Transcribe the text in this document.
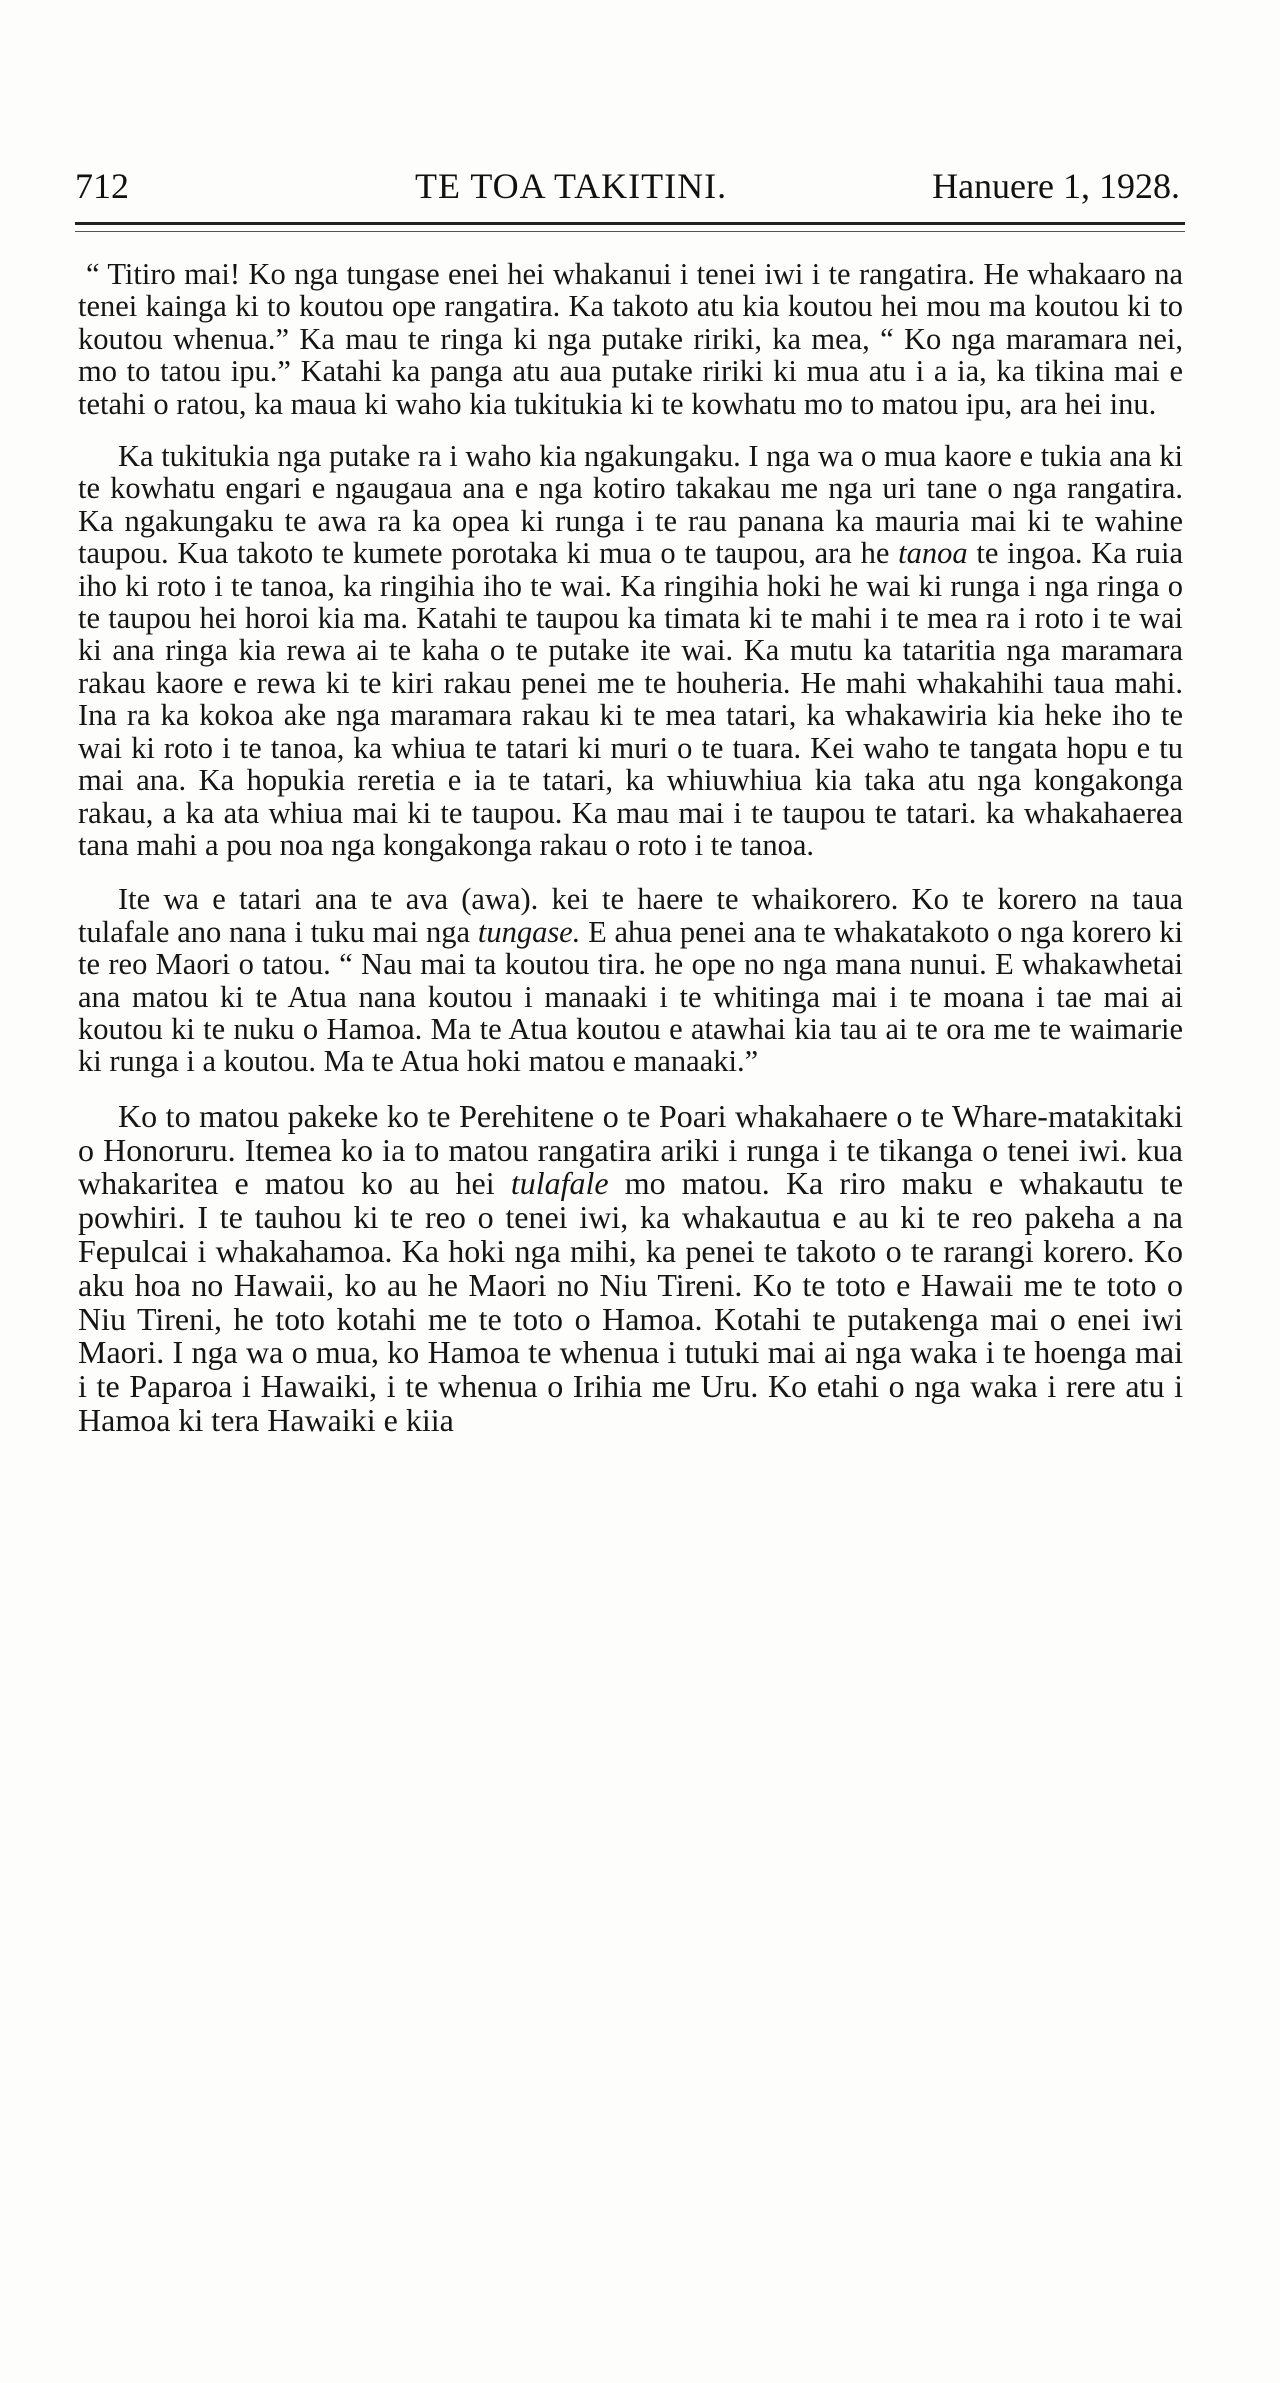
712	TE TOA TAKITINI.	Hanuere 1, 1928.

“ Titiro mai! Ko nga tungase enei hei whakanui i tenei iwi i te rangatira. He whakaaro na tenei kainga ki to koutou ope rangatira. Ka takoto atu kia koutou hei mou ma koutou ki to koutou whenua.” Ka mau te ringa ki nga putake ririki, ka mea, “ Ko nga maramara nei, mo to tatou ipu.” Katahi ka panga atu aua putake ririki ki mua atu i a ia, ka tikina mai e tetahi o ratou, ka maua ki waho kia tukitukia ki te kowhatu mo to matou ipu, ara hei inu.

Ka tukitukia nga putake ra i waho kia ngakungaku. I nga wa o mua kaore e tukia ana ki te kowhatu engari e ngaugaua ana e nga kotiro takakau me nga uri tane o nga rangatira. Ka ngakungaku te awa ra ka opea ki runga i te rau panana ka mauria mai ki te wahine taupou. Kua takoto te kumete porotaka ki mua o te taupou, ara he tanoa te ingoa. Ka ruia iho ki roto i te tanoa, ka ringihia iho te wai. Ka ringihia hoki he wai ki runga i nga ringa o te taupou hei horoi kia ma. Katahi te taupou ka timata ki te mahi i te mea ra i roto i te wai ki ana ringa kia rewa ai te kaha o te putake ite wai. Ka mutu ka tataritia nga maramara rakau kaore e rewa ki te kiri rakau penei me te houheria. He mahi whakahihi taua mahi. Ina ra ka kokoa ake nga maramara rakau ki te mea tatari, ka whakawiria kia heke iho te wai ki roto i te tanoa, ka whiua te tatari ki muri o te tuara. Kei waho te tangata hopu e tu mai ana. Ka hopukia reretia e ia te tatari, ka whiuwhiua kia taka atu nga kongakonga rakau, a ka ata whiua mai ki te taupou. Ka mau mai i te taupou te tatari. ka whakahaerea tana mahi a pou noa nga kongakonga rakau o roto i te tanoa.

Ite wa e tatari ana te ava (awa). kei te haere te whaikorero. Ko te korero na taua tulafale ano nana i tuku mai nga tungase. E ahua penei ana te whakatakoto o nga korero ki te reo Maori o tatou. “ Nau mai ta koutou tira. he ope no nga mana nunui. E whakawhetai ana matou ki te Atua nana koutou i manaaki i te whitinga mai i te moana i tae mai ai koutou ki te nuku o Hamoa. Ma te Atua koutou e atawhai kia tau ai te ora me te waimarie ki runga i a koutou. Ma te Atua hoki matou e manaaki.”

Ko to matou pakeke ko te Perehitene o te Poari whakahaere o te Whare-matakitaki o Honoruru. Itemea ko ia to matou rangatira ariki i runga i te tikanga o tenei iwi. kua whakaritea e matou ko au hei tulafale mo matou. Ka riro maku e whakautu te powhiri. I te tauhou ki te reo o tenei iwi, ka whakautua e au ki te reo pakeha a na Fepulcai i whakahamoa. Ka hoki nga mihi, ka penei te takoto o te rarangi korero. Ko aku hoa no Hawaii, ko au he Maori no Niu Tireni. Ko te toto e Hawaii me te toto o Niu Tireni, he toto kotahi me te toto o Hamoa. Kotahi te putakenga mai o enei iwi Maori. I nga wa o mua, ko Hamoa te whenua i tutuki mai ai nga waka i te hoenga mai i te Paparoa i Hawaiki, i te whenua o Irihia me Uru. Ko etahi o nga waka i rere atu i Hamoa ki tera Hawaiki e kiia
